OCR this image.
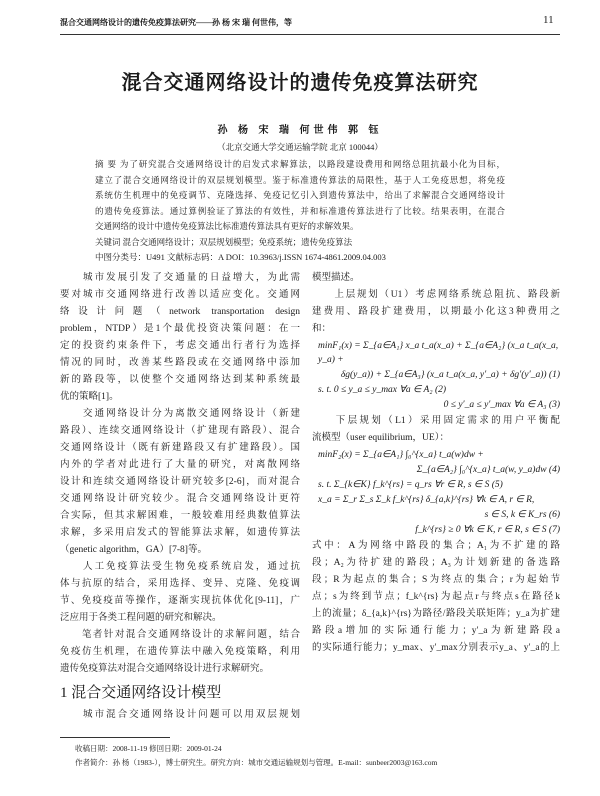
混合交通网络设计的遗传免疫算法研究——孙 杨 宋 瑞 何世伟，等	11
混合交通网络设计的遗传免疫算法研究
孙 杨 宋 瑞 何世伟 郭 钰
（北京交通大学交通运输学院 北京 100044）
摘 要 为了研究混合交通网络设计的启发式求解算法，以路段建设费用和网络总阻抗最小化为目标，
建立了混合交通网络设计的双层规划模型。鉴于标准遗传算法的局限性，基于人工免疫思想，将免疫
系统仿生机理中的免疫调节、克隆选择、免疫记忆引入到遗传算法中，给出了求解混合交通网络设计
的遗传免疫算法。通过算例验证了算法的有效性，并和标准遗传算法进行了比较。结果表明，在混合
交通网络的设计中遗传免疫算法比标准遗传算法具有更好的求解效果。
关键词 混合交通网络设计；双层规划模型；免疫系统；遗传免疫算法
中图分类号：U491 文献标志码：A DOI：10.3963/j.ISSN 1674-4861.2009.04.003
　　城市发展引发了交通量的日益增大，为此需
要对城市交通网络进行改善以适应变化。交通网
络设计问题（network transportation design
problem，NTDP）是1个最优投资决策问题：在一
定的投资约束条件下，考虑交通出行者行为选择
情况的同时，改善某些路段或在交通网络中添加
新的路段等，以使整个交通网络达到某种系统最
优的策略[1]。
　　交通网络设计分为离散交通网络设计（新建
路段）、连续交通网络设计（扩建现有路段）、混合
交通网络设计（既有新建路段又有扩建路段）。国
内外的学者对此进行了大量的研究，对离散网络
设计和连续交通网络设计研究较多[2-6]，而对混合
交通网络设计研究较少。混合交通网络设计更符
合实际，但其求解困难，一般较难用经典数值算法
求解，多采用启发式的智能算法求解，如遗传算法
（genetic algorithm，GA）[7-8]等。
　　人工免疫算法受生物免疫系统启发，通过抗
体与抗原的结合，采用选择、变异、克隆、免疫调
节、免疫疫苗等操作，逐渐实现抗体优化[9-11]，广
泛应用于各类工程问题的研究和解决。
　　笔者针对混合交通网络设计的求解问题，结合
免疫仿生机理，在遗传算法中融入免疫策略，利用
遗传免疫算法对混合交通网络设计进行求解研究。
1 混合交通网络设计模型
　　城市混合交通网络设计问题可以用双层规划
模型描述。
　　上层规划（U1）考虑网络系统总阻抗、路段新
建费用、路段扩建费用，以期最小化这3种费用之
和：
minF₁(x) = Σ_{a∈A₁} x_a t_a(x_a) + Σ_{a∈A₂} (x_a t_a(x_a, y_a) +
δg(y_a)) + Σ_{a∈A₃} (x_a t_a(x_a, y′_a) + δg′(y′_a)) (1)
s. t. 0 ≤ y_a ≤ y_max ∀a ∈ A₂ (2)
0 ≤ y′_a ≤ y′_max ∀a ∈ A₃ (3)
　　下层规划（L1）采用固定需求的用户平衡配
流模型（user equilibrium，UE）：
minF₂(x) = Σ_{a∈A₁} ∫₀^{x_a} t_a(w)dw +
Σ_{a∈A₂} ∫₀^{x_a} t_a(w, y_a)dw (4)
s. t. Σ_{k∈K} f_k^{rs} = q_rs ∀r ∈ R, s ∈ S (5)
x_a = Σ_r Σ_s Σ_k f_k^{rs} δ_{a,k}^{rs} ∀k ∈ A, r ∈ R,
s ∈ S, k ∈ K_rs (6)
f_k^{rs} ≥ 0 ∀k ∈ K, r ∈ R, s ∈ S (7)
式中：A为网络中路段的集合；A₁为不扩建的路
段；A₂为待扩建的路段；A₃为计划新建的备选路
段；R为起点的集合；S为终点的集合；r为起始节
点；s为终到节点；f_k^{rs}为起点r与终点s在路径k
上的流量；δ_{a,k}^{rs}为路径/路段关联矩阵；y_a为扩建
路段a增加的实际通行能力；y′_a为新建路段a
的实际通行能力；y_max、y′_max分别表示y_a、y′_a的上
收稿日期：2008-11-19 修回日期：2009-01-24
作者简介：孙 杨（1983-），博士研究生。研究方向：城市交通运输规划与管理。E-mail：sunbeer2003@163.com
